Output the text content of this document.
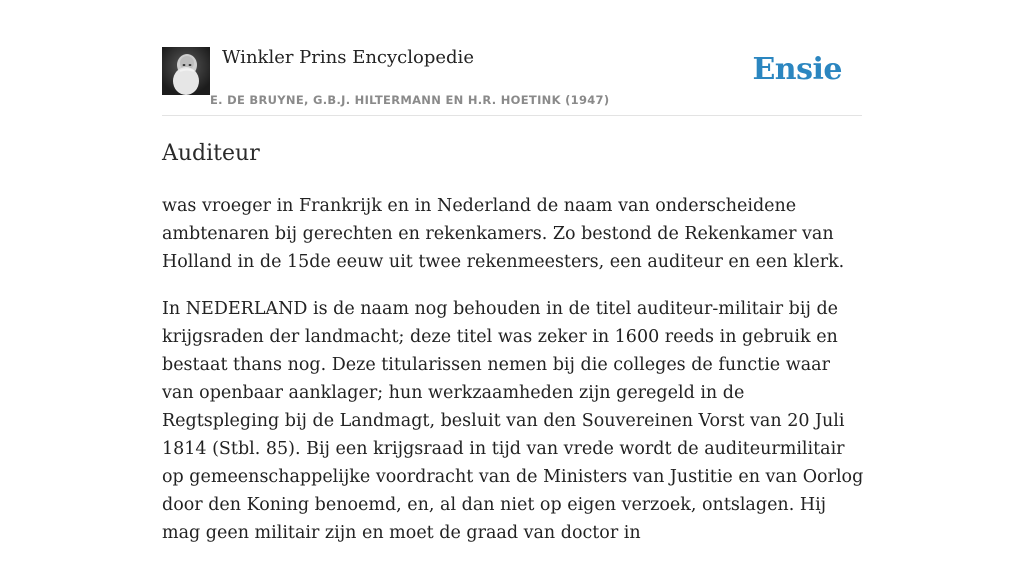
Winkler Prins Encyclopedie
E. DE BRUYNE, G.B.J. HILTERMANN EN H.R. HOETINK (1947)
Ensie
Auditeur

was vroeger in Frankrijk en in Nederland de naam van onderscheidene ambtenaren bij gerechten en rekenkamers. Zo bestond de Rekenkamer van Holland in de 15de eeuw uit twee rekenmeesters, een auditeur en een klerk.

In NEDERLAND is de naam nog behouden in de titel auditeur-militair bij de krijgsraden der landmacht; deze titel was zeker in 1600 reeds in gebruik en bestaat thans nog. Deze titularissen nemen bij die colleges de functie waar van openbaar aanklager; hun werkzaamheden zijn geregeld in de Regtspleging bij de Landmagt, besluit van den Souvereinen Vorst van 20 Juli 1814 (Stbl. 85). Bij een krijgsraad in tijd van vrede wordt de auditeurmilitair op gemeenschappelijke voordracht van de Ministers van Justitie en van Oorlog door den Koning benoemd, en, al dan niet op eigen verzoek, ontslagen. Hij mag geen militair zijn en moet de graad van doctor in
